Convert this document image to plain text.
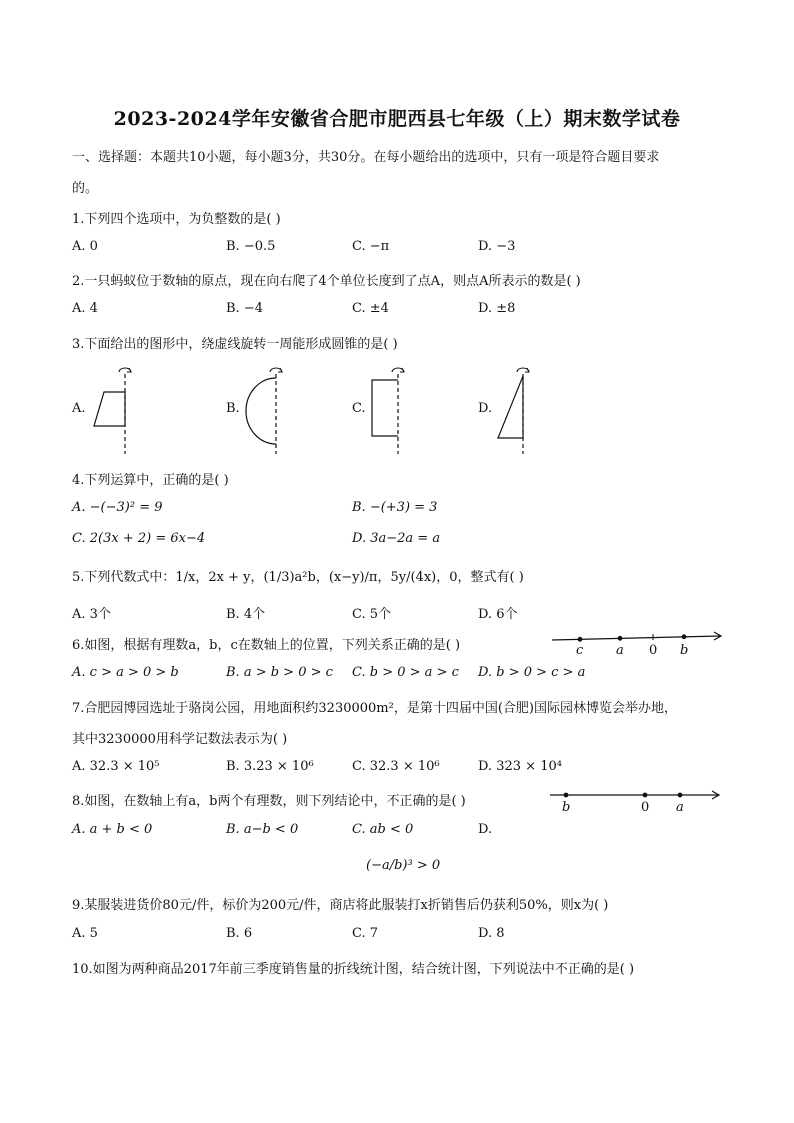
2023-2024学年安徽省合肥市肥西县七年级（上）期末数学试卷
一、选择题：本题共10小题，每小题3分，共30分。在每小题给出的选项中，只有一项是符合题目要求
的。
1.下列四个选项中，为负整数的是( )
A. 0	B. −0.5	C. −π	D. −3
2.一只蚂蚁位于数轴的原点，现在向右爬了4个单位长度到了点A，则点A所表示的数是( )
A. 4	B. −4	C. ±4	D. ±8
3.下面给出的图形中，绕虚线旋转一周能形成圆锥的是( )
A.	B.	C.	D.
4.下列运算中，正确的是( )
A. −(−3)² = 9	B. −(+3) = 3
C. 2(3x + 2) = 6x−4	D. 3a−2a = a
5.下列代数式中：1/x，2x + y，(1/3)a²b，(x−y)/π，5y/(4x)，0，整式有( )
A. 3个	B. 4个	C. 5个	D. 6个
6.如图，根据有理数a，b，c在数轴上的位置，下列关系正确的是( )	c	a 0 b
A. c > a > 0 > b	B. a > b > 0 > c C. b > 0 > a > c D. b > 0 > c > a
7.合肥园博园选址于骆岗公园，用地面积约3230000m²，是第十四届中国(合肥)国际园林博览会举办地，
其中3230000用科学记数法表示为( )
A. 32.3 × 10⁵	B. 3.23 × 10⁶	C. 32.3 × 10⁶	D. 323 × 10⁴
8.如图，在数轴上有a，b两个有理数，则下列结论中，不正确的是( )	b	0 a
A. a + b < 0	B. a−b < 0	C. ab < 0	D.
(−a/b)³ > 0
9.某服装进货价80元/件，标价为200元/件，商店将此服装打x折销售后仍获利50%，则x为( )
A. 5	B. 6	C. 7	D. 8
10.如图为两种商品2017年前三季度销售量的折线统计图，结合统计图，下列说法中不正确的是( )
